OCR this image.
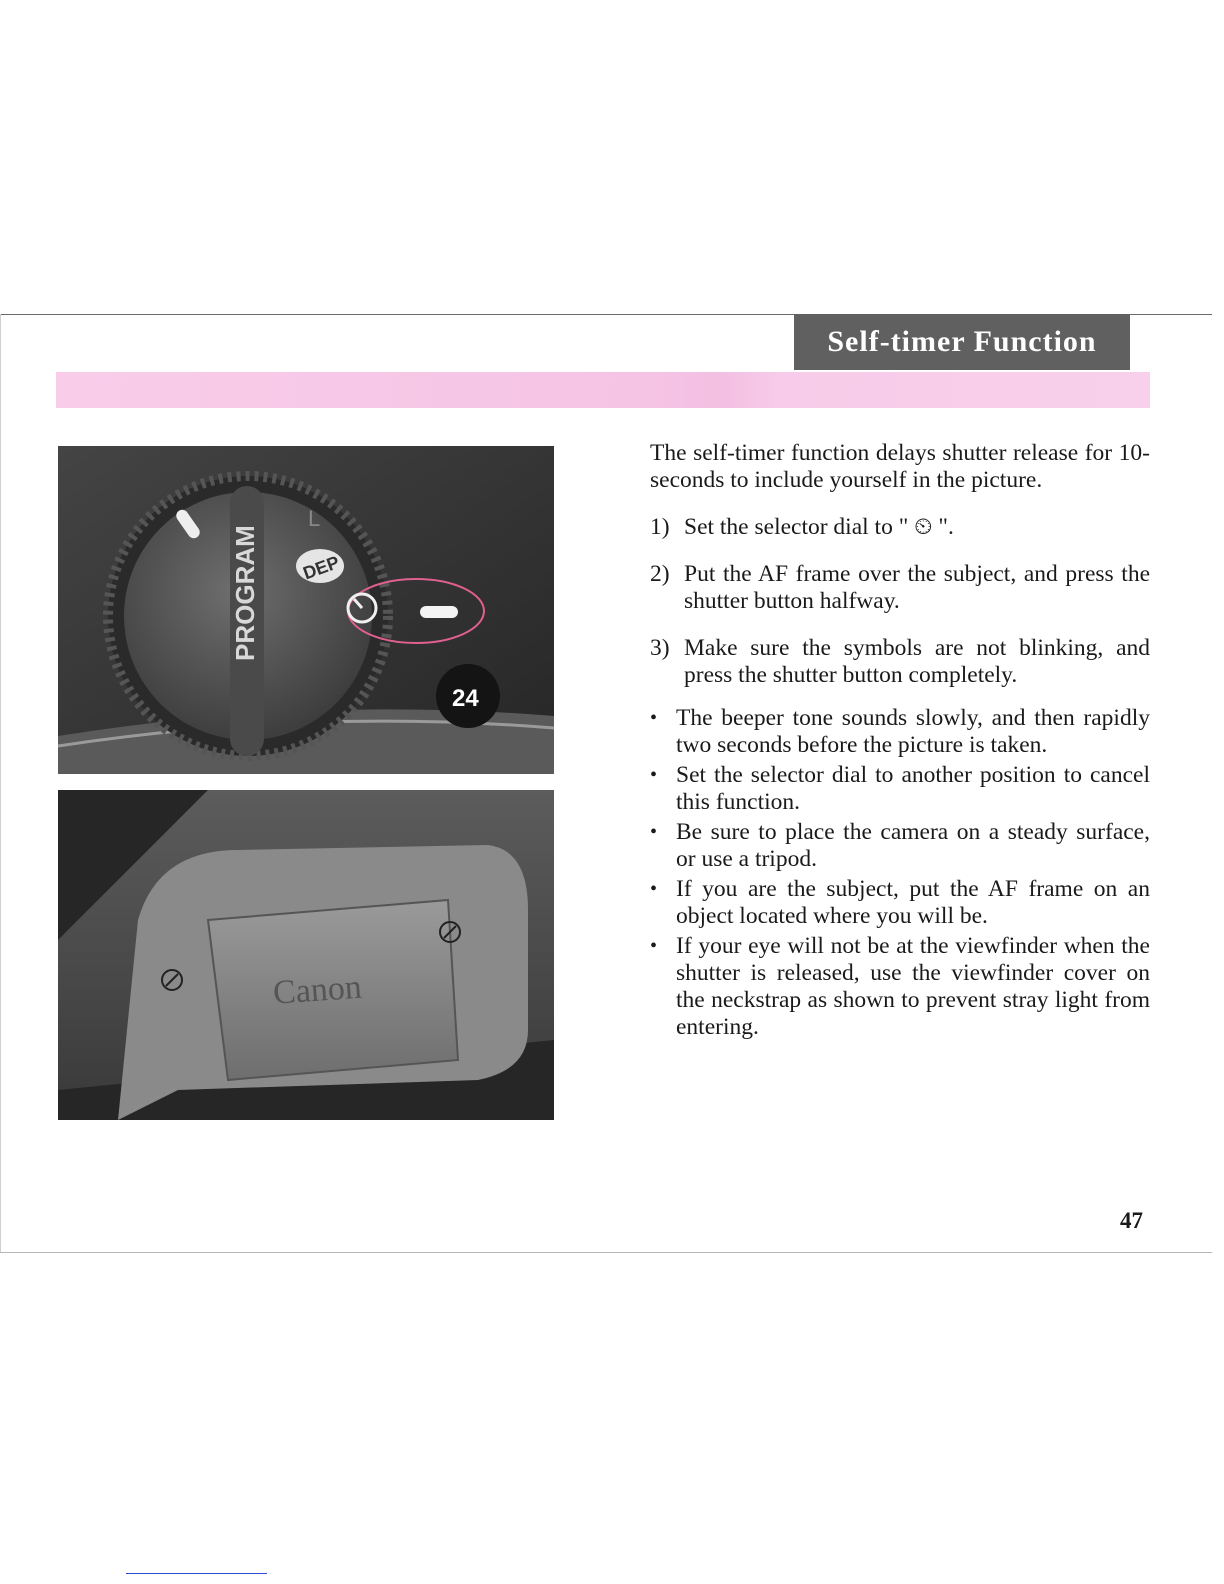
Self-timer Function
PROGRAM
L
DEP
24
Canon

The self-timer function delays shutter release for 10-seconds to include yourself in the picture.

1) Set the selector dial to " ⏲ ".
2) Put the AF frame over the subject, and press the shutter button halfway.
3) Make sure the symbols are not blinking, and press the shutter button completely.
• The beeper tone sounds slowly, and then rapidly two seconds before the picture is taken.
• Set the selector dial to another position to cancel this function.
• Be sure to place the camera on a steady surface, or use a tripod.
• If you are the subject, put the AF frame on an object located where you will be.
• If your eye will not be at the viewfinder when the shutter is released, use the viewfinder cover on the neckstrap as shown to prevent stray light from entering.
47
